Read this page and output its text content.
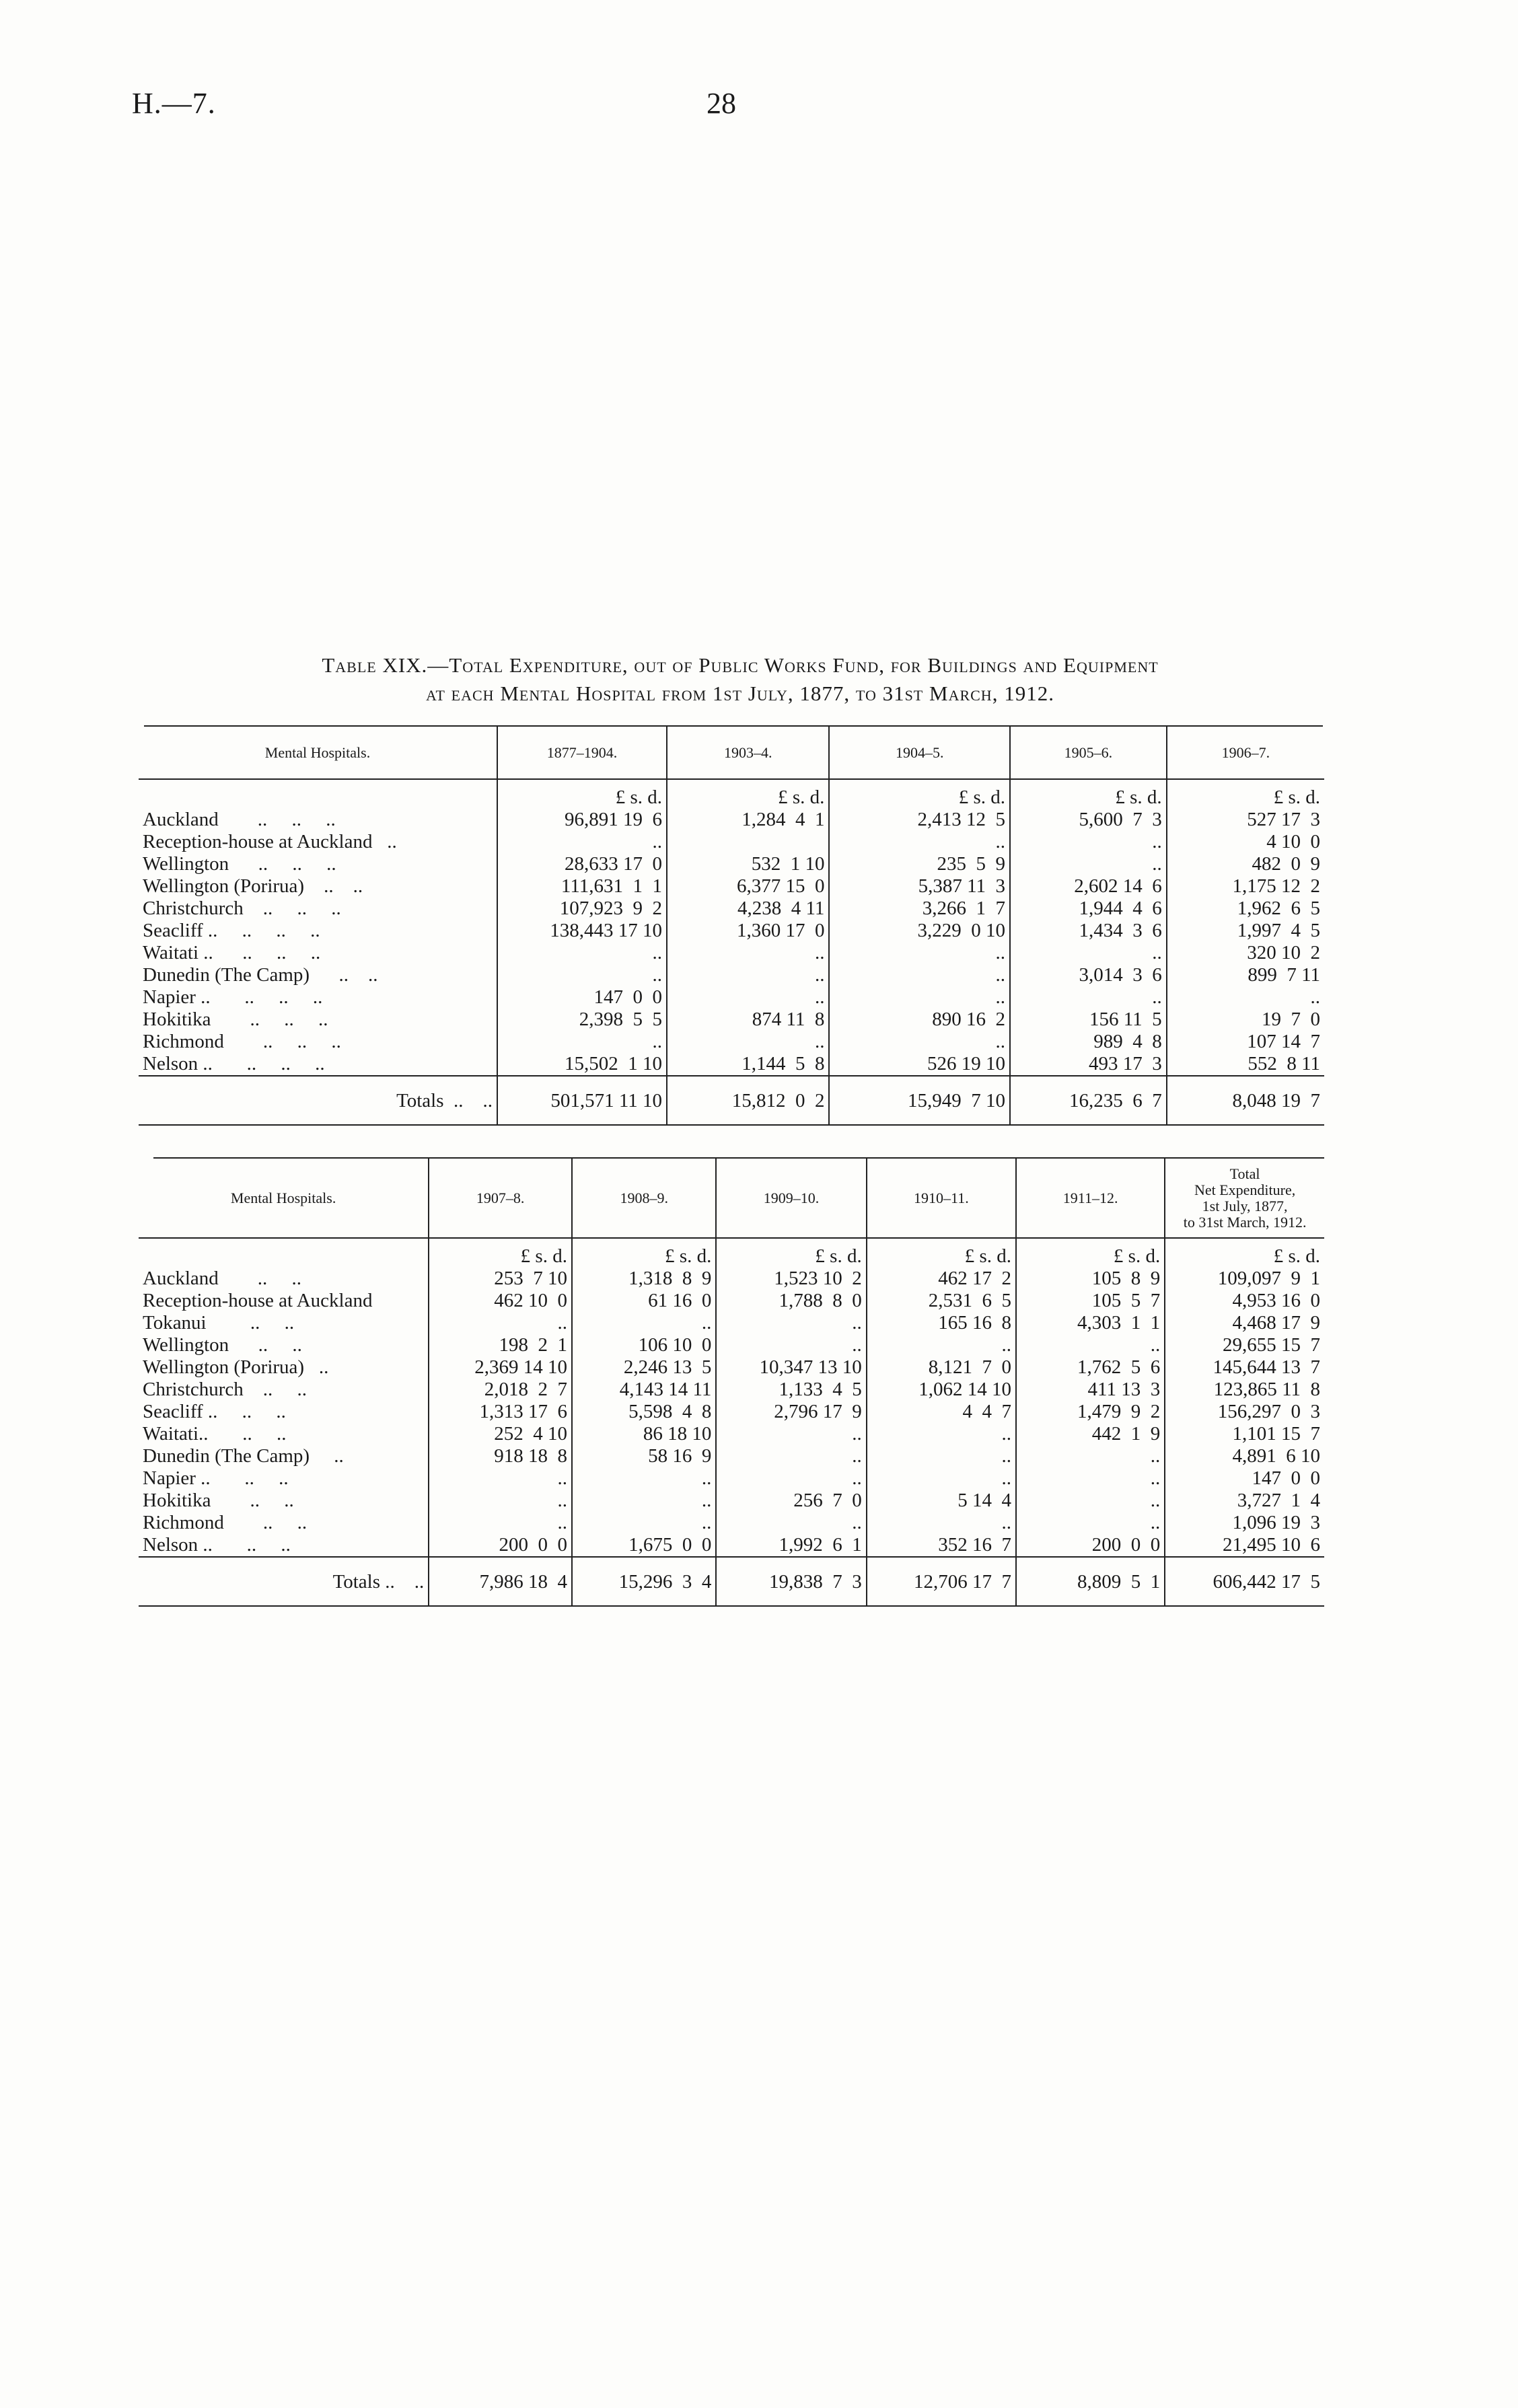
H.—7.	28
Table XIX.—Total Expenditure, out of Public Works Fund, for Buildings and Equipment
at each Mental Hospital from 1st July, 1877, to 31st March, 1912.
Mental Hospitals.	1877–1904.	1903–4.	1904–5.	1905–6.	1906–7.
	£ s. d.	£ s. d.	£ s. d.	£ s. d.	£ s. d.
Auckland        ..     ..     ..	96,891 19  6	1,284  4  1	2,413 12  5	5,600  7  3	527 17  3
Reception-house at Auckland   ..	..		..	..	4 10  0
Wellington      ..     ..     ..	28,633 17  0	532  1 10	235  5  9	..	482  0  9
Wellington (Porirua)    ..    ..	111,631  1  1	6,377 15  0	5,387 11  3	2,602 14  6	1,175 12  2
Christchurch    ..     ..     ..	107,923  9  2	4,238  4 11	3,266  1  7	1,944  4  6	1,962  6  5
Seacliff ..     ..     ..     ..	138,443 17 10	1,360 17  0	3,229  0 10	1,434  3  6	1,997  4  5
Waitati ..      ..     ..     ..	..	..	..	..	320 10  2
Dunedin (The Camp)      ..    ..	..	..	..	3,014  3  6	899  7 11
Napier ..       ..     ..     ..	147  0  0	..	..	..	..
Hokitika        ..     ..     ..	2,398  5  5	874 11  8	890 16  2	156 11  5	19  7  0
Richmond        ..     ..     ..	..	..	..	989  4  8	107 14  7
Nelson ..       ..     ..     ..	15,502  1 10	1,144  5  8	526 19 10	493 17  3	552  8 11
Totals  ..    ..	501,571 11 10	15,812  0  2	15,949  7 10	16,235  6  7	8,048 19  7
Mental Hospitals.	1907–8.	1908–9.	1909–10.	1910–11.	1911–12.	Total
Net Expenditure,
1st July, 1877,
to 31st March, 1912.

	£ s. d.	£ s. d.	£ s. d.	£ s. d.	£ s. d.	£ s. d.
Auckland        ..     ..	253  7 10	1,318  8  9	1,523 10  2	462 17  2	105  8  9	109,097  9  1
Reception-house at Auckland	462 10  0	61 16  0	1,788  8  0	2,531  6  5	105  5  7	4,953 16  0
Tokanui         ..     ..	..	..	..	165 16  8	4,303  1  1	4,468 17  9
Wellington      ..     ..	198  2  1	106 10  0	..	..	..	29,655 15  7
Wellington (Porirua)   ..	2,369 14 10	2,246 13  5	10,347 13 10	8,121  7  0	1,762  5  6	145,644 13  7
Christchurch    ..     ..	2,018  2  7	4,143 14 11	1,133  4  5	1,062 14 10	411 13  3	123,865 11  8
Seacliff ..     ..     ..	1,313 17  6	5,598  4  8	2,796 17  9	4  4  7	1,479  9  2	156,297  0  3
Waitati..       ..     ..	252  4 10	86 18 10	..	..	442  1  9	1,101 15  7
Dunedin (The Camp)     ..	918 18  8	58 16  9	..	..	..	4,891  6 10
Napier ..       ..     ..	..	..	..	..	..	147  0  0
Hokitika        ..     ..	..	..	256  7  0	5 14  4	..	3,727  1  4
Richmond        ..     ..	..	..	..	..	..	1,096 19  3
Nelson ..       ..     ..	200  0  0	1,675  0  0	1,992  6  1	352 16  7	200  0  0	21,495 10  6
Totals ..    ..	7,986 18  4	15,296  3  4	19,838  7  3	12,706 17  7	8,809  5  1	606,442 17  5
